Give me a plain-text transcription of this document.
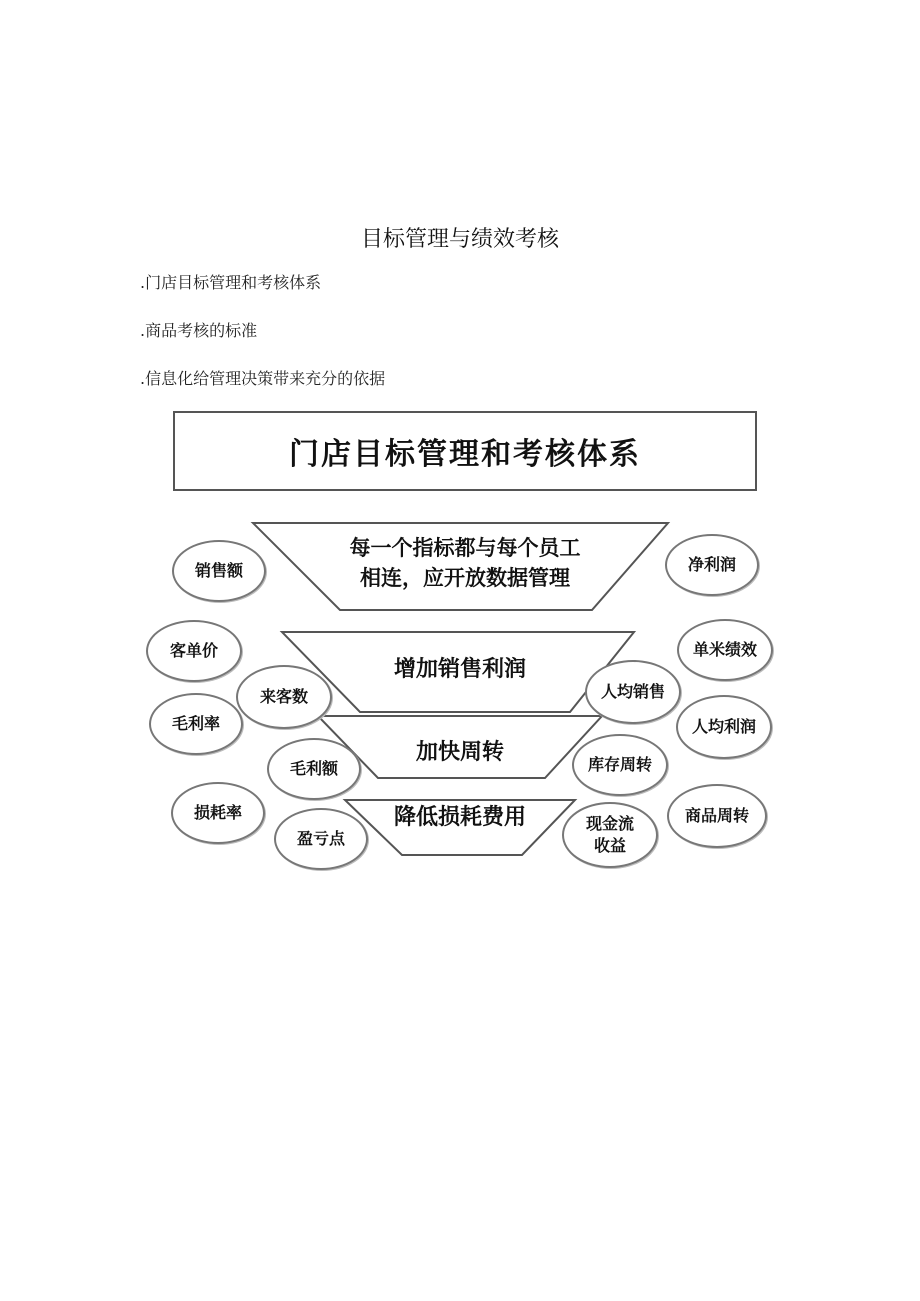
目标管理与绩效考核
.门店目标管理和考核体系
.商品考核的标准
.信息化给管理决策带来充分的依据
门店目标管理和考核体系
每一个指标都与每个员工
相连，应开放数据管理
增加销售利润
加快周转
降低损耗费用
销售额
客单价
来客数
毛利率
毛利额
损耗率
盈亏点
净利润
单米绩效
人均销售
人均利润
库存周转
商品周转
现金流
收益
